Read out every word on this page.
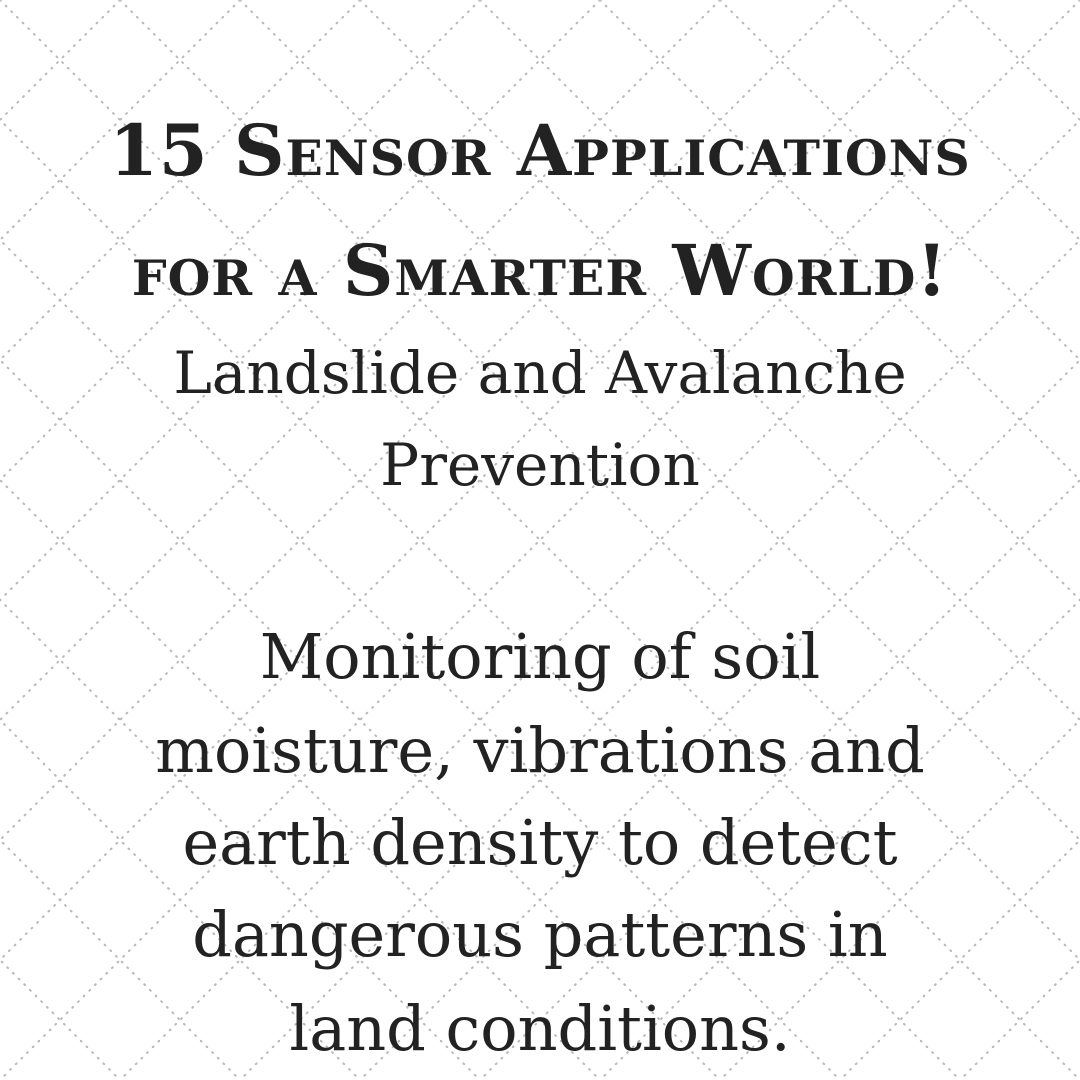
15 Sensor Applications
for a Smarter World!
Landslide and Avalanche
Prevention
Monitoring of soil
moisture, vibrations and
earth density to detect
dangerous patterns in
land conditions.
